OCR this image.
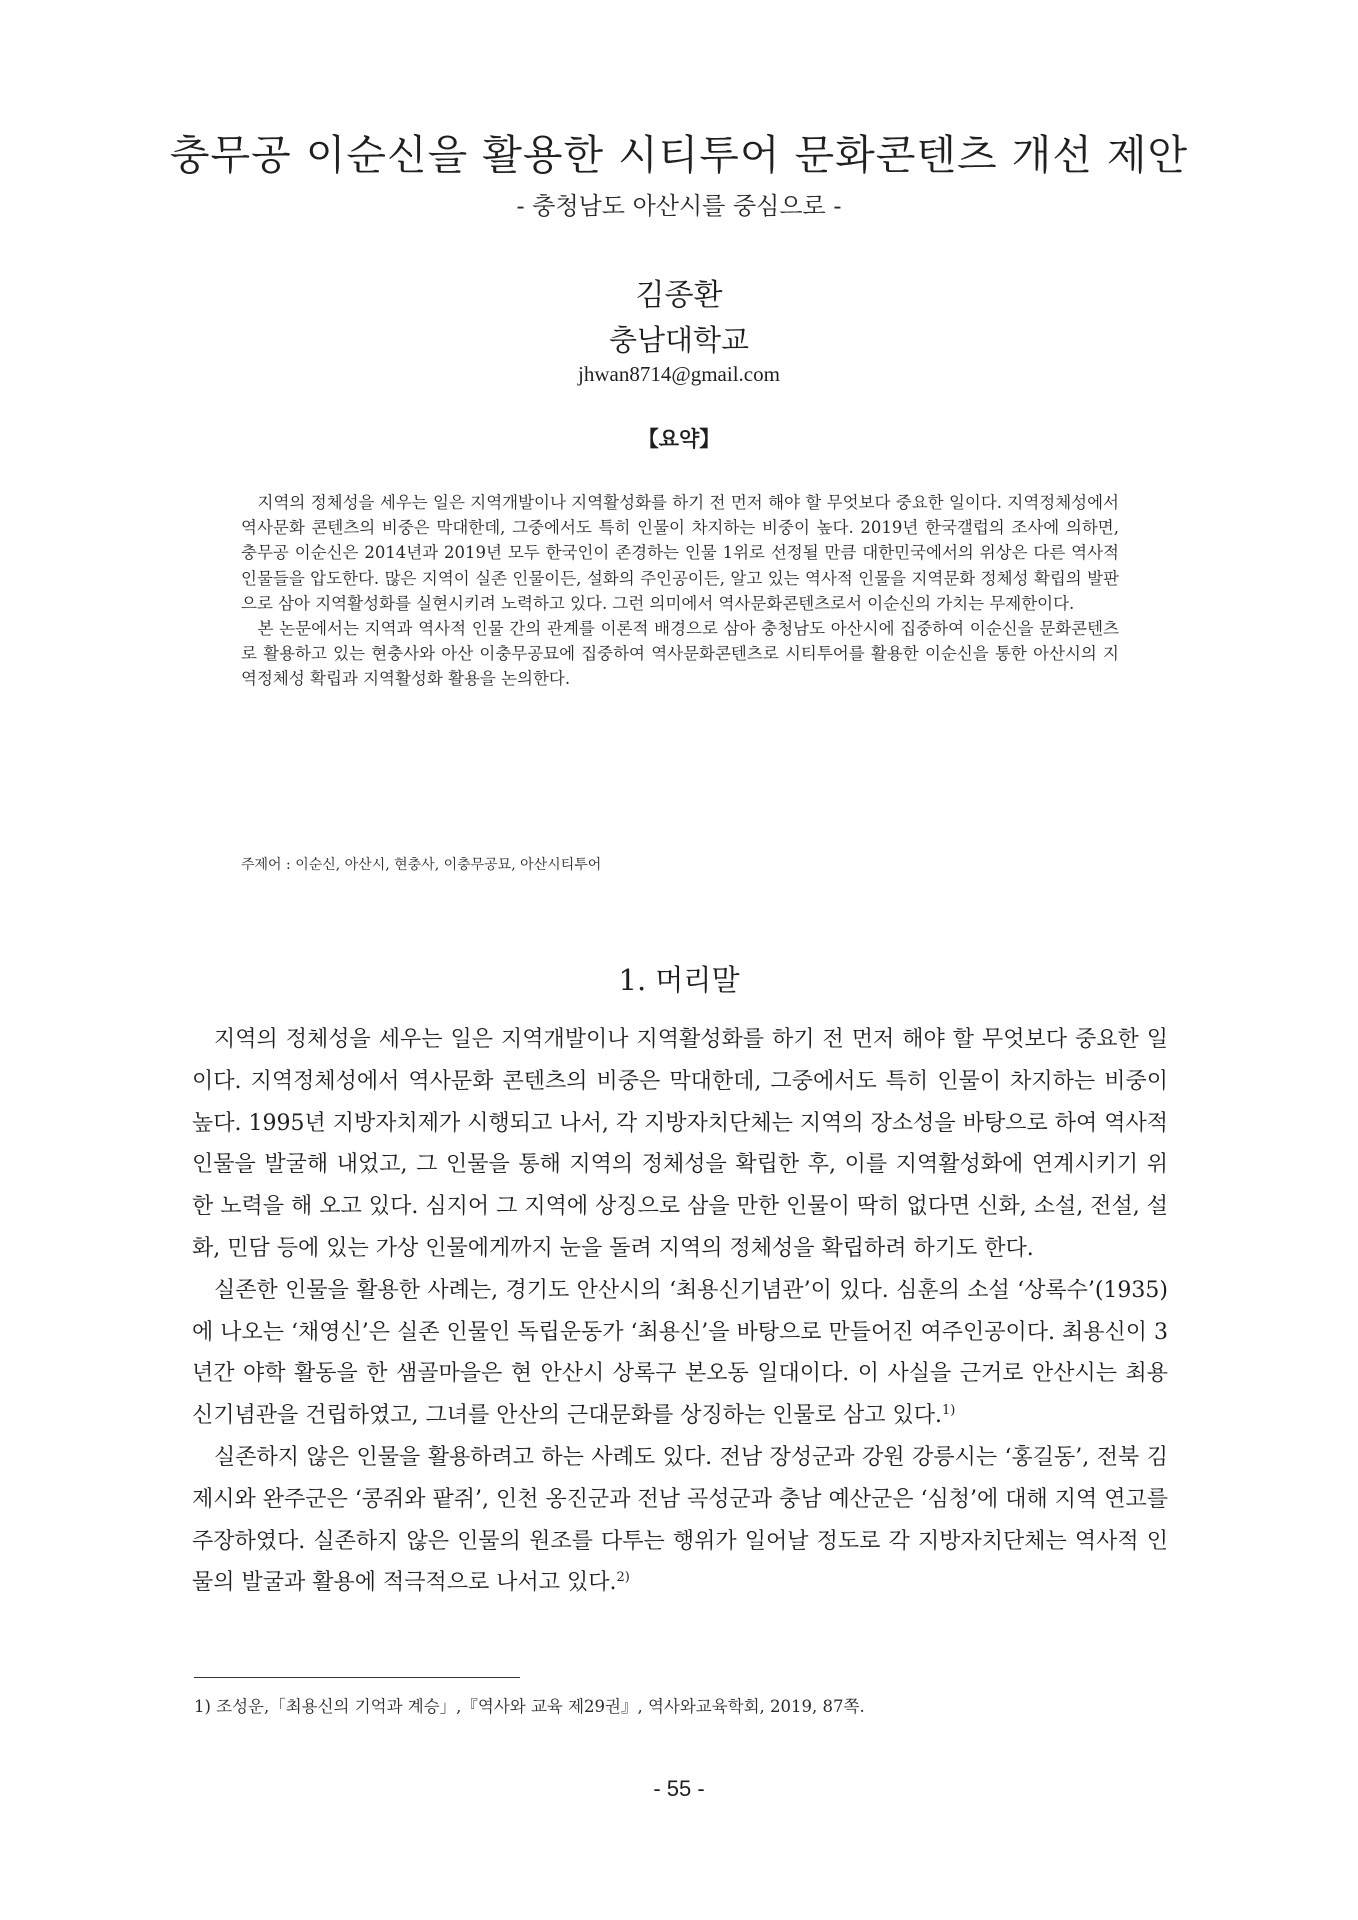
충무공 이순신을 활용한 시티투어 문화콘텐츠 개선 제안
- 충청남도 아산시를 중심으로 -
김종환
충남대학교
jhwan8714@gmail.com
【요약】

지역의 정체성을 세우는 일은 지역개발이나 지역활성화를 하기 전 먼저 해야 할 무엇보다 중요한 일이다. 지역정체성에서 역사문화 콘텐츠의 비중은 막대한데, 그중에서도 특히 인물이 차지하는 비중이 높다. 2019년 한국갤럽의 조사에 의하면, 충무공 이순신은 2014년과 2019년 모두 한국인이 존경하는 인물 1위로 선정될 만큼 대한민국에서의 위상은 다른 역사적 인물들을 압도한다. 많은 지역이 실존 인물이든, 설화의 주인공이든, 알고 있는 역사적 인물을 지역문화 정체성 확립의 발판으로 삼아 지역활성화를 실현시키려 노력하고 있다. 그런 의미에서 역사문화콘텐츠로서 이순신의 가치는 무제한이다.

본 논문에서는 지역과 역사적 인물 간의 관계를 이론적 배경으로 삼아 충청남도 아산시에 집중하여 이순신을 문화콘텐츠로 활용하고 있는 현충사와 아산 이충무공묘에 집중하여 역사문화콘텐츠로 시티투어를 활용한 이순신을 통한 아산시의 지역정체성 확립과 지역활성화 활용을 논의한다.

주제어 : 이순신, 아산시, 현충사, 이충무공묘, 아산시티투어
1. 머리말

지역의 정체성을 세우는 일은 지역개발이나 지역활성화를 하기 전 먼저 해야 할 무엇보다 중요한 일이다. 지역정체성에서 역사문화 콘텐츠의 비중은 막대한데, 그중에서도 특히 인물이 차지하는 비중이 높다. 1995년 지방자치제가 시행되고 나서, 각 지방자치단체는 지역의 장소성을 바탕으로 하여 역사적 인물을 발굴해 내었고, 그 인물을 통해 지역의 정체성을 확립한 후, 이를 지역활성화에 연계시키기 위한 노력을 해 오고 있다. 심지어 그 지역에 상징으로 삼을 만한 인물이 딱히 없다면 신화, 소설, 전설, 설화, 민담 등에 있는 가상 인물에게까지 눈을 돌려 지역의 정체성을 확립하려 하기도 한다.

실존한 인물을 활용한 사례는, 경기도 안산시의 ‘최용신기념관’이 있다. 심훈의 소설 ‘상록수’(1935)에 나오는 ‘채영신’은 실존 인물인 독립운동가 ‘최용신’을 바탕으로 만들어진 여주인공이다. 최용신이 3년간 야학 활동을 한 샘골마을은 현 안산시 상록구 본오동 일대이다. 이 사실을 근거로 안산시는 최용신기념관을 건립하였고, 그녀를 안산의 근대문화를 상징하는 인물로 삼고 있다.$^{1)}$

실존하지 않은 인물을 활용하려고 하는 사례도 있다. 전남 장성군과 강원 강릉시는 ‘홍길동’, 전북 김제시와 완주군은 ‘콩쥐와 팥쥐’, 인천 옹진군과 전남 곡성군과 충남 예산군은 ‘심청’에 대해 지역 연고를 주장하였다. 실존하지 않은 인물의 원조를 다투는 행위가 일어날 정도로 각 지방자치단체는 역사적 인물의 발굴과 활용에 적극적으로 나서고 있다.$^{2)}$

1) 조성운,「최용신의 기억과 계승」,『역사와 교육 제29권』, 역사와교육학회, 2019, 87쪽.
- 55 -
